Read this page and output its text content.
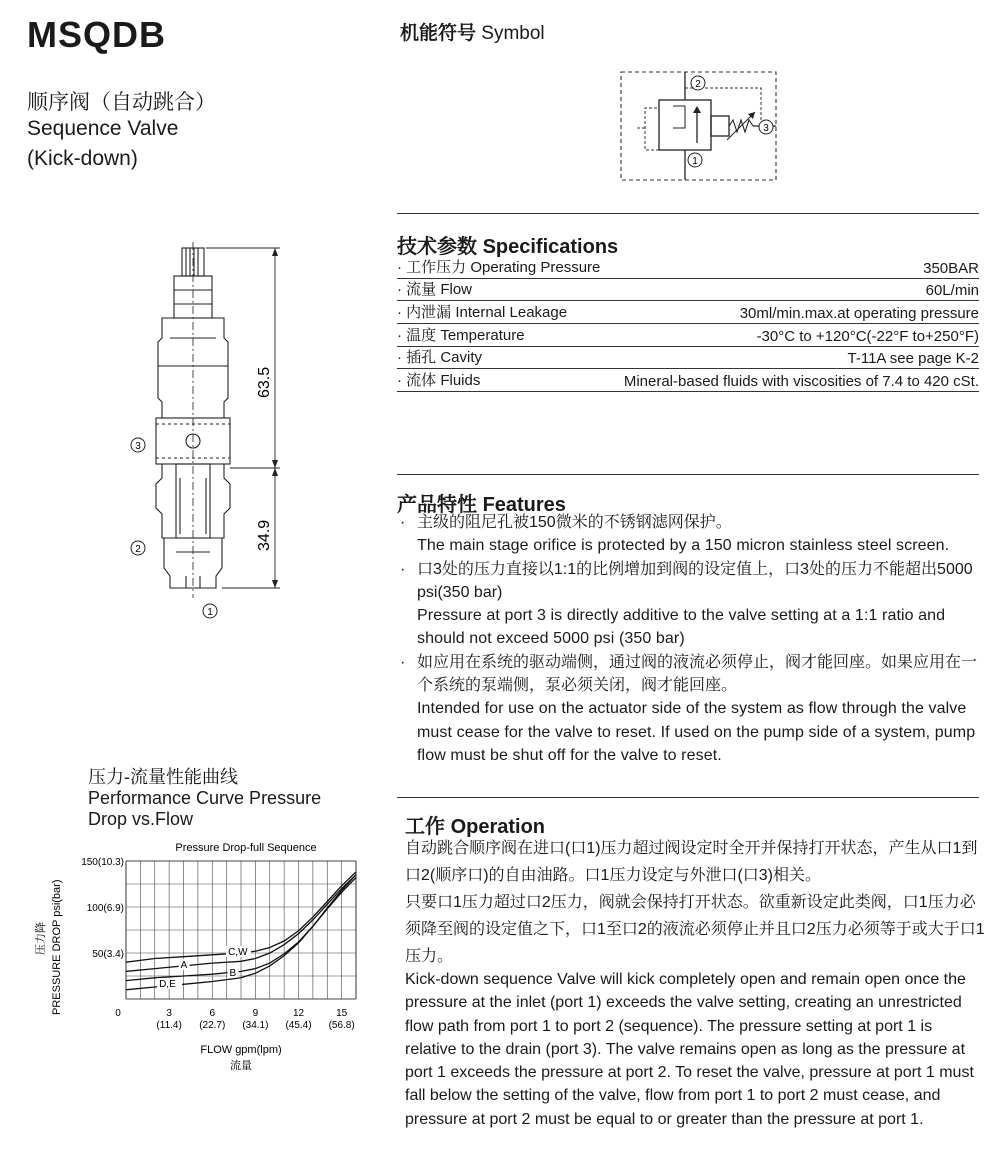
MSQDB
顺序阀（自动跳合）
Sequence Valve
(Kick-down)
机能符号 Symbol
2
3
1
63.5
34.9
3
2
1
技术参数 Specifications
· 工作压力 Operating Pressure	350BAR
· 流量 Flow	60L/min
· 内泄漏 Internal Leakage	30ml/min.max.at operating pressure
· 温度 Temperature	-30°C to +120°C(-22°F to+250°F)
· 插孔 Cavity	T-11A see page K-2
· 流体 Fluids	Mineral-based fluids with viscosities of 7.4 to 420 cSt.
产品特性 Features
· 主级的阻尼孔被150微米的不锈钢滤网保护。
The main stage orifice is protected by a 150 micron stainless steel screen.
· 口3处的压力直接以1:1的比例增加到阀的设定值上，口3处的压力不能超出5000 psi(350 bar)
Pressure at port 3 is directly additive to the valve setting at a 1:1 ratio and should not exceed 5000 psi (350 bar)
· 如应用在系统的驱动端侧，通过阀的液流必须停止，阀才能回座。如果应用在一个系统的泵端侧，泵必须关闭，阀才能回座。
Intended for use on the actuator side of the system as flow through the valve must cease for the valve to reset. If used on the pump side of a system, pump flow must be shut off for the valve to reset.
工作 Operation
自动跳合顺序阀在进口(口1)压力超过阀设定时全开并保持打开状态，产生从口1到口2(顺序口)的自由油路。口1压力设定与外泄口(口3)相关。
只要口1压力超过口2压力，阀就会保持打开状态。欲重新设定此类阀，口1压力必须降至阀的设定值之下，口1至口2的液流必须停止并且口2压力必须等于或大于口1压力。
Kick-down sequence Valve will kick completely open and remain open once the pressure at the inlet (port 1) exceeds the valve setting, creating an unrestricted flow path from port 1 to port 2 (sequence). The pressure setting at port 1 is relative to the drain (port 3). The valve remains open as long as the pressure at port 1 exceeds the pressure at port 2. To reset the valve, pressure at port 1 must fall below the setting of the valve, flow from port 1 to port 2 must cease, and pressure at port 2 must be equal to or greater than the pressure at port 1.
压力-流量性能曲线
Performance Curve Pressure
Drop vs.Flow
Pressure Drop-full Sequence
0	3
(11.4)
6
(22.7)
9
(34.1)
12
(45.4)
15
(56.8)
50(3.4)
100(6.9)
150(10.3)
C,W
A
B
D,E
PRESSURE DROP psi(bar)
压力降
FLOW gpm(lpm)
流量
